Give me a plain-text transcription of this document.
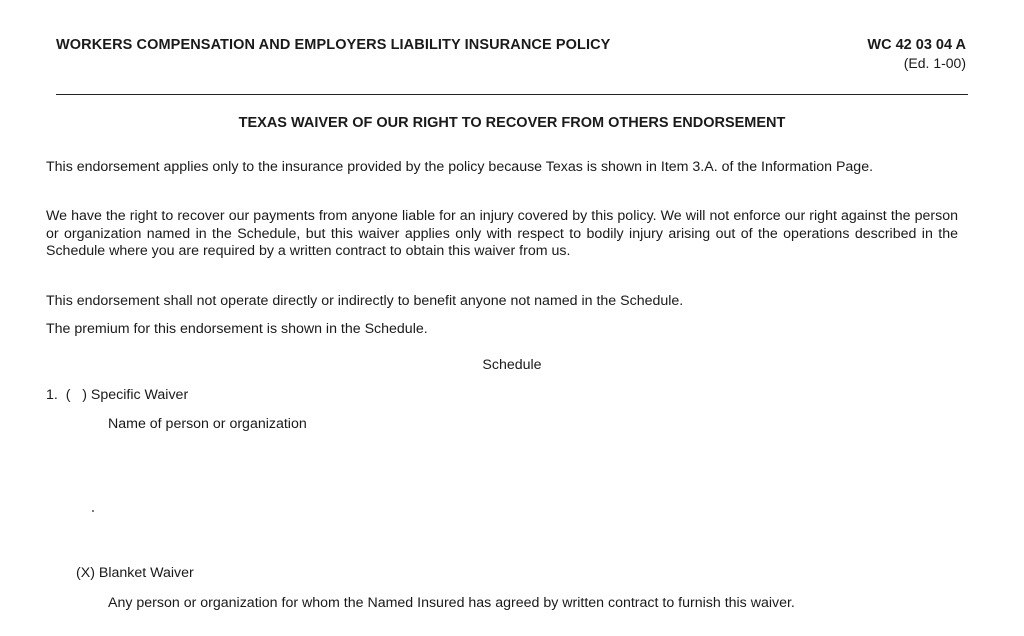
WORKERS COMPENSATION AND EMPLOYERS LIABILITY INSURANCE POLICY	WC 42 03 04 A
(Ed. 1-00)
TEXAS WAIVER OF OUR RIGHT TO RECOVER FROM OTHERS ENDORSEMENT
This endorsement applies only to the insurance provided by the policy because Texas is shown in Item 3.A. of the Information Page.
We have the right to recover our payments from anyone liable for an injury covered by this policy. We will not enforce our right against the person or organization named in the Schedule, but this waiver applies only with respect to bodily injury arising out of the operations described in the Schedule where you are required by a written contract to obtain this waiver from us.
This endorsement shall not operate directly or indirectly to benefit anyone not named in the Schedule.
The premium for this endorsement is shown in the Schedule.
Schedule
1.  (   ) Specific Waiver
Name of person or organization
(X) Blanket Waiver
Any person or organization for whom the Named Insured has agreed by written contract to furnish this waiver.
